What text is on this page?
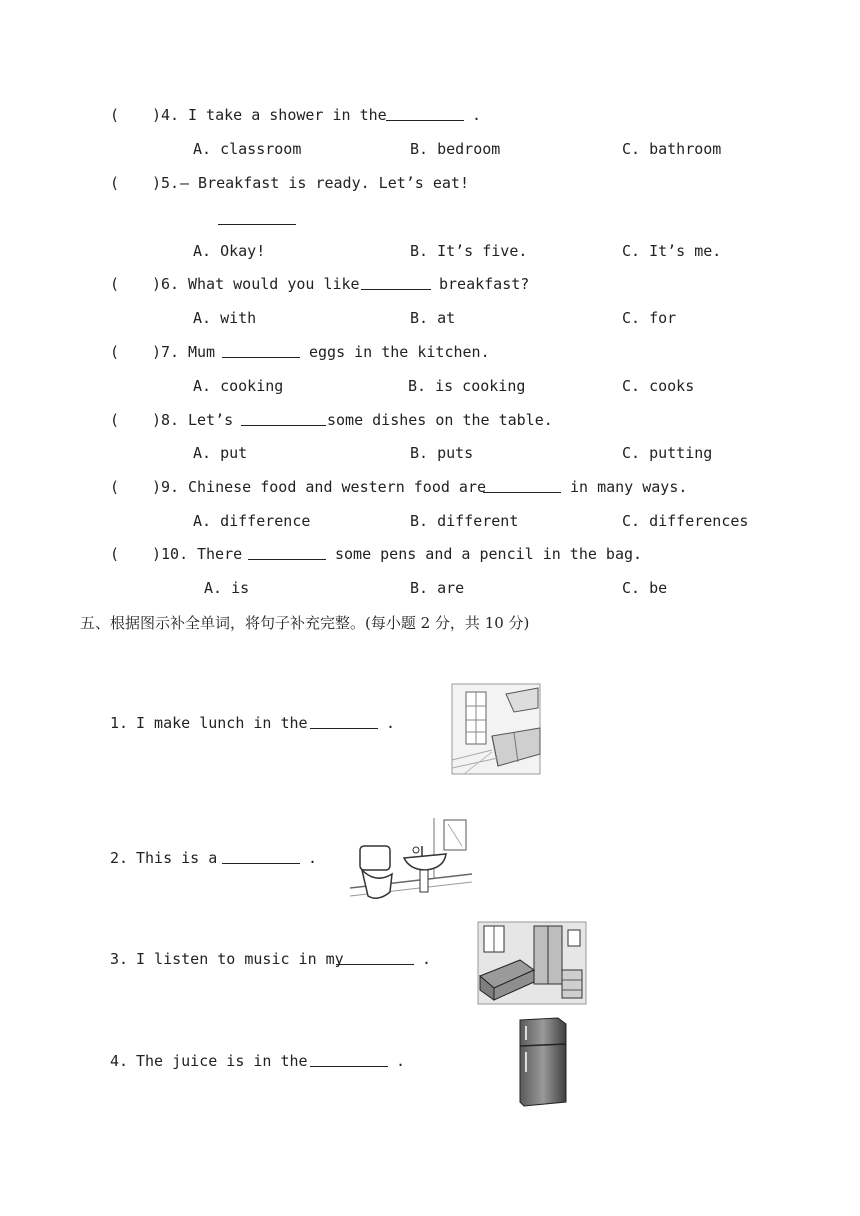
( )4. I take a shower in the	.
A. classroom	B. bedroom	C. bathroom
( )5. — Breakfast is ready. Let’s eat!
A. Okay!	B. It’s five.	C. It’s me.
( )6. What would you like	breakfast?
A. with	B. at	C. for
( )7. Mum	eggs in the kitchen.
A. cooking	B. is cooking	C. cooks
( )8. Let’s	some dishes on the table.
A. put	B. puts	C. putting
( )9. Chinese food and western food are	in many ways.
A. difference	B. different	C. differences
( )10. There	some pens and a pencil in the bag.
A. is	B. are	C. be
五、根据图示补全单词，将句子补充完整。(每小题 2 分，共 10 分)
1. I make lunch in the	.
2. This is a	.
3. I listen to music in my	.
4. The juice is in the	.
